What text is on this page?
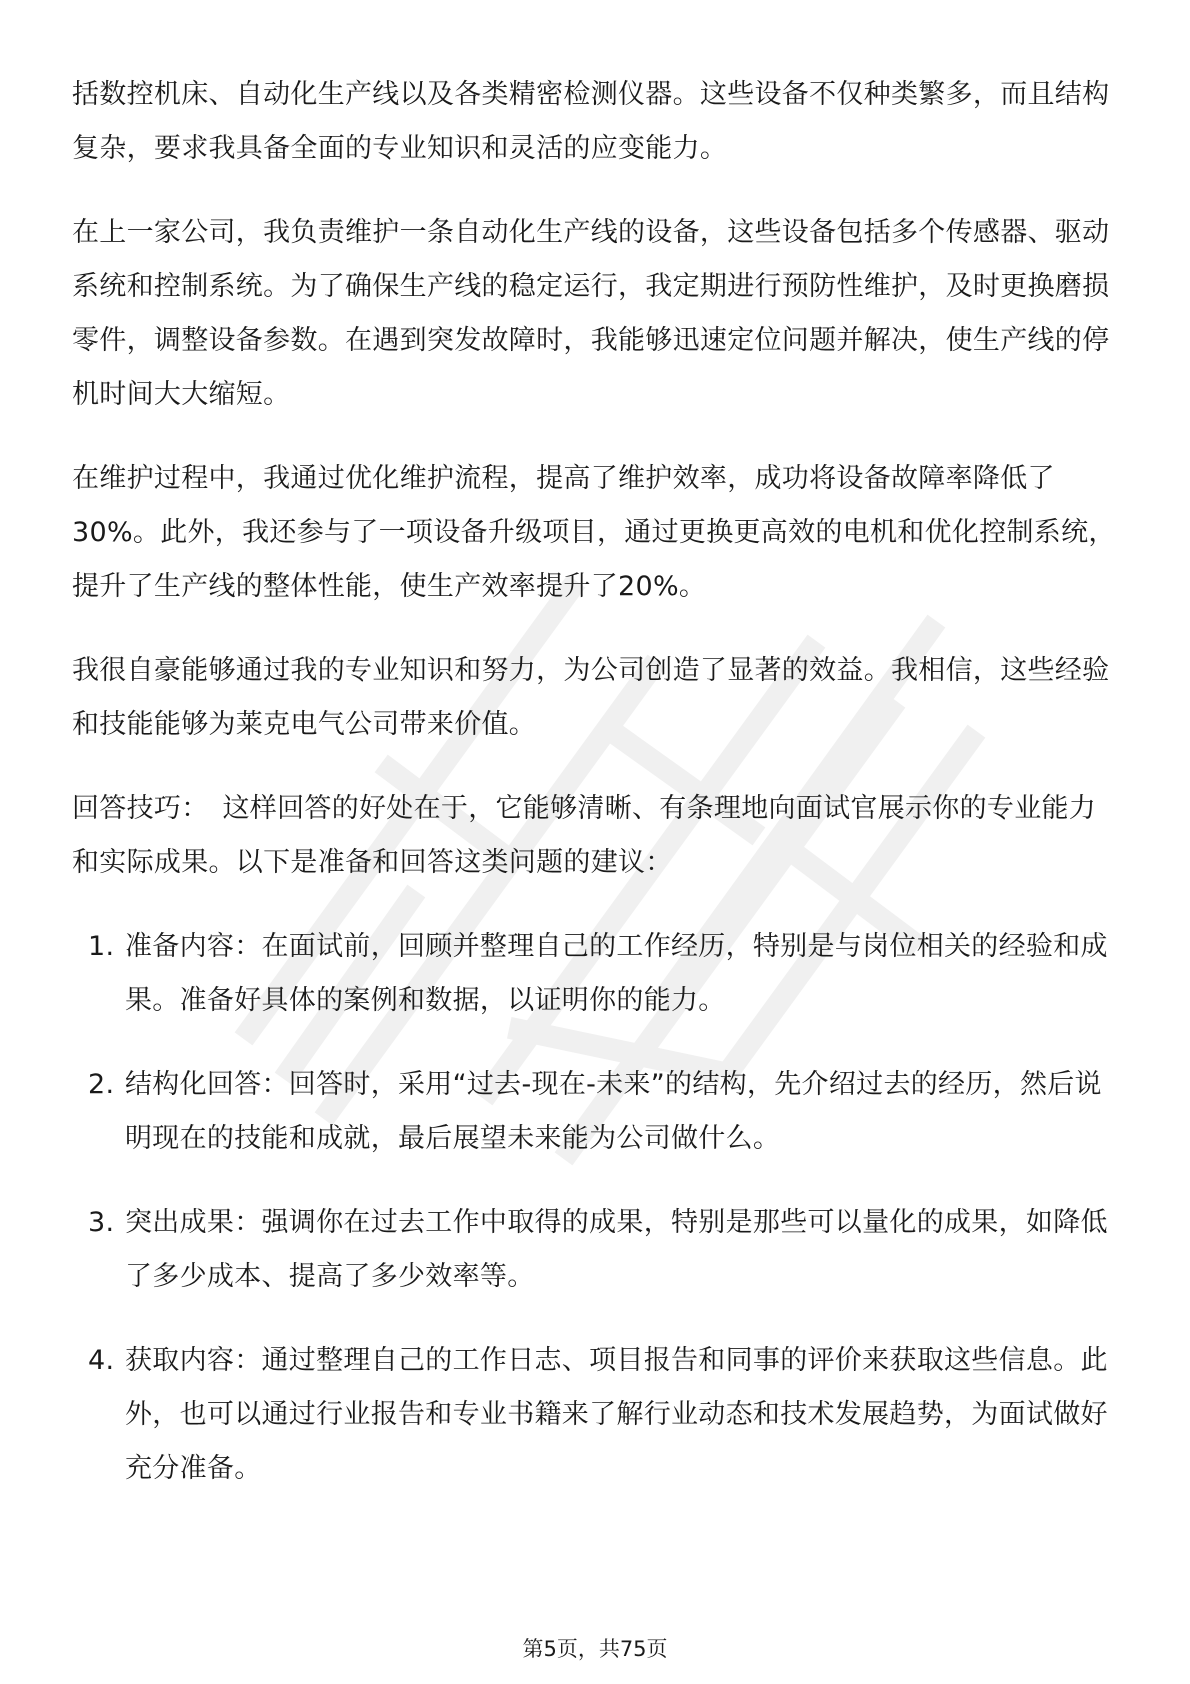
括数控机床、自动化生产线以及各类精密检测仪器。这些设备不仅种类繁多，而且结构复杂，要求我具备全面的专业知识和灵活的应变能力。

在上一家公司，我负责维护一条自动化生产线的设备，这些设备包括多个传感器、驱动系统和控制系统。为了确保生产线的稳定运行，我定期进行预防性维护，及时更换磨损零件，调整设备参数。在遇到突发故障时，我能够迅速定位问题并解决，使生产线的停机时间大大缩短。

在维护过程中，我通过优化维护流程，提高了维护效率，成功将设备故障率降低了30%。此外，我还参与了一项设备升级项目，通过更换更高效的电机和优化控制系统，提升了生产线的整体性能，使生产效率提升了20%。

我很自豪能够通过我的专业知识和努力，为公司创造了显著的效益。我相信，这些经验和技能能够为莱克电气公司带来价值。

回答技巧： 这样回答的好处在于，它能够清晰、有条理地向面试官展示你的专业能力和实际成果。以下是准备和回答这类问题的建议：

1. 准备内容：在面试前，回顾并整理自己的工作经历，特别是与岗位相关的经验和成果。准备好具体的案例和数据，以证明你的能力。
2. 结构化回答：回答时，采用“过去-现在-未来”的结构，先介绍过去的经历，然后说明现在的技能和成就，最后展望未来能为公司做什么。
3. 突出成果：强调你在过去工作中取得的成果，特别是那些可以量化的成果，如降低了多少成本、提高了多少效率等。
4. 获取内容：通过整理自己的工作日志、项目报告和同事的评价来获取这些信息。此外，也可以通过行业报告和专业书籍来了解行业动态和技术发展趋势，为面试做好充分准备。
第5页，共75页
